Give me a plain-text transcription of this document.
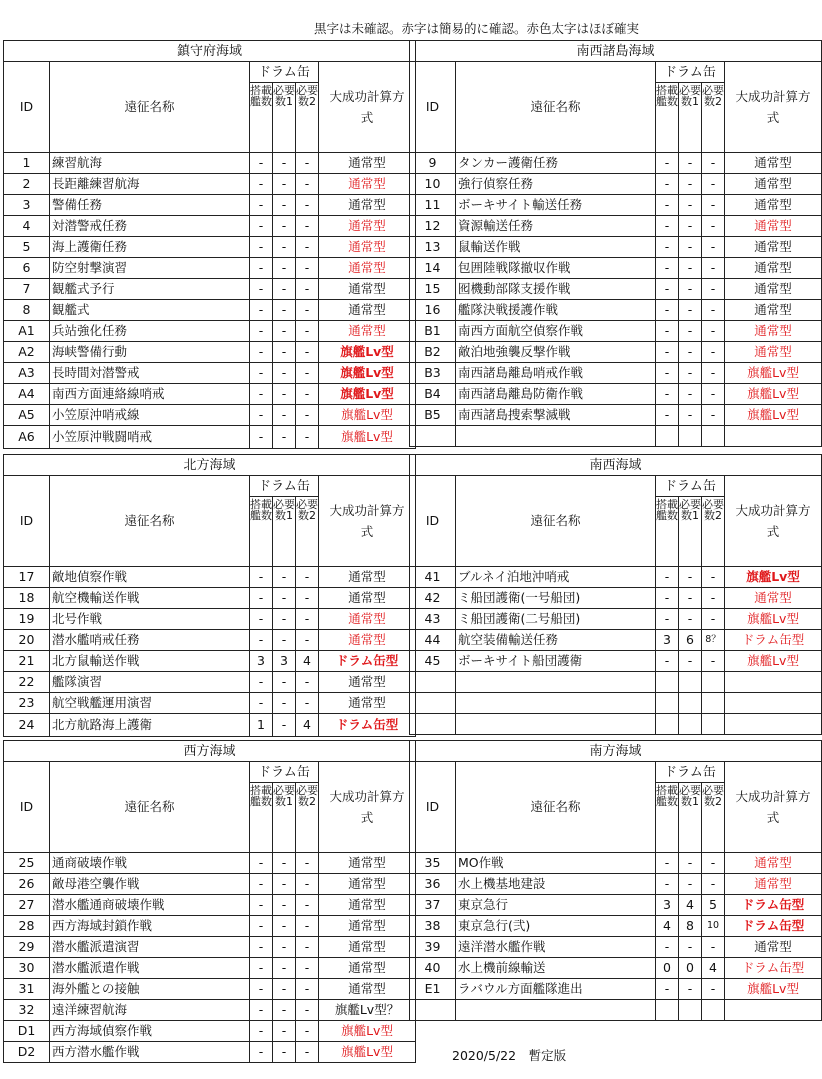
黒字は未確認。赤字は簡易的に確認。赤色太字はほぼ確実
鎮守府海域					
ID	遠征名称	ドラム缶			大成功計算方式
		搭載艦数	必要数1	必要数2	
1	練習航海	-	-	-	通常型
2	長距離練習航海	-	-	-	通常型
3	警備任務	-	-	-	通常型
4	対潜警戒任務	-	-	-	通常型
5	海上護衛任務	-	-	-	通常型
6	防空射撃演習	-	-	-	通常型
7	観艦式予行	-	-	-	通常型
8	観艦式	-	-	-	通常型
A1	兵站強化任務	-	-	-	通常型
A2	海峡警備行動	-	-	-	旗艦Lv型
A3	長時間対潜警戒	-	-	-	旗艦Lv型
A4	南西方面連絡線哨戒	-	-	-	旗艦Lv型
A5	小笠原沖哨戒線	-	-	-	旗艦Lv型
A6	小笠原沖戦闘哨戒	-	-	-	旗艦Lv型
南西諸島海域					
ID	遠征名称	ドラム缶			大成功計算方式
		搭載艦数	必要数1	必要数2	
9	タンカー護衛任務	-	-	-	通常型
10	強行偵察任務	-	-	-	通常型
11	ボーキサイト輸送任務	-	-	-	通常型
12	資源輸送任務	-	-	-	通常型
13	鼠輸送作戦	-	-	-	通常型
14	包囲陸戦隊撤収作戦	-	-	-	通常型
15	囮機動部隊支援作戦	-	-	-	通常型
16	艦隊決戦援護作戦	-	-	-	通常型
B1	南西方面航空偵察作戦	-	-	-	通常型
B2	敵泊地強襲反撃作戦	-	-	-	通常型
B3	南西諸島離島哨戒作戦	-	-	-	旗艦Lv型
B4	南西諸島離島防衛作戦	-	-	-	旗艦Lv型
B5	南西諸島捜索撃滅戦	-	-	-	旗艦Lv型

北方海域					
ID	遠征名称	ドラム缶			大成功計算方式
		搭載艦数	必要数1	必要数2	
17	敵地偵察作戦	-	-	-	通常型
18	航空機輸送作戦	-	-	-	通常型
19	北号作戦	-	-	-	通常型
20	潜水艦哨戒任務	-	-	-	通常型
21	北方鼠輸送作戦	3	3	4	ドラム缶型
22	艦隊演習	-	-	-	通常型
23	航空戦艦運用演習	-	-	-	通常型
24	北方航路海上護衛	1	-	4	ドラム缶型
南西海域					
ID	遠征名称	ドラム缶			大成功計算方式
		搭載艦数	必要数1	必要数2	
41	ブルネイ泊地沖哨戒	-	-	-	旗艦Lv型
42	ミ船団護衛(一号船団)	-	-	-	通常型
43	ミ船団護衛(二号船団)	-	-	-	旗艦Lv型
44	航空装備輸送任務	3	6	8？	ドラム缶型
45	ボーキサイト船団護衛	-	-	-	旗艦Lv型

西方海域					
ID	遠征名称	ドラム缶			大成功計算方式
		搭載艦数	必要数1	必要数2	
25	通商破壊作戦	-	-	-	通常型
26	敵母港空襲作戦	-	-	-	通常型
27	潜水艦通商破壊作戦	-	-	-	通常型
28	西方海域封鎖作戦	-	-	-	通常型
29	潜水艦派遣演習	-	-	-	通常型
30	潜水艦派遣作戦	-	-	-	通常型
31	海外艦との接触	-	-	-	通常型
32	遠洋練習航海	-	-	-	旗艦Lv型？
D1	西方海域偵察作戦	-	-	-	旗艦Lv型
D2	西方潜水艦作戦	-	-	-	旗艦Lv型
南方海域					
ID	遠征名称	ドラム缶			大成功計算方式
		搭載艦数	必要数1	必要数2	
35	MO作戦	-	-	-	通常型
36	水上機基地建設	-	-	-	通常型
37	東京急行	3	4	5	ドラム缶型
38	東京急行(弐)	4	8	10	ドラム缶型
39	遠洋潜水艦作戦	-	-	-	通常型
40	水上機前線輸送	0	0	4	ドラム缶型
E1	ラバウル方面艦隊進出	-	-	-	旗艦Lv型

2020/5/22　暫定版
